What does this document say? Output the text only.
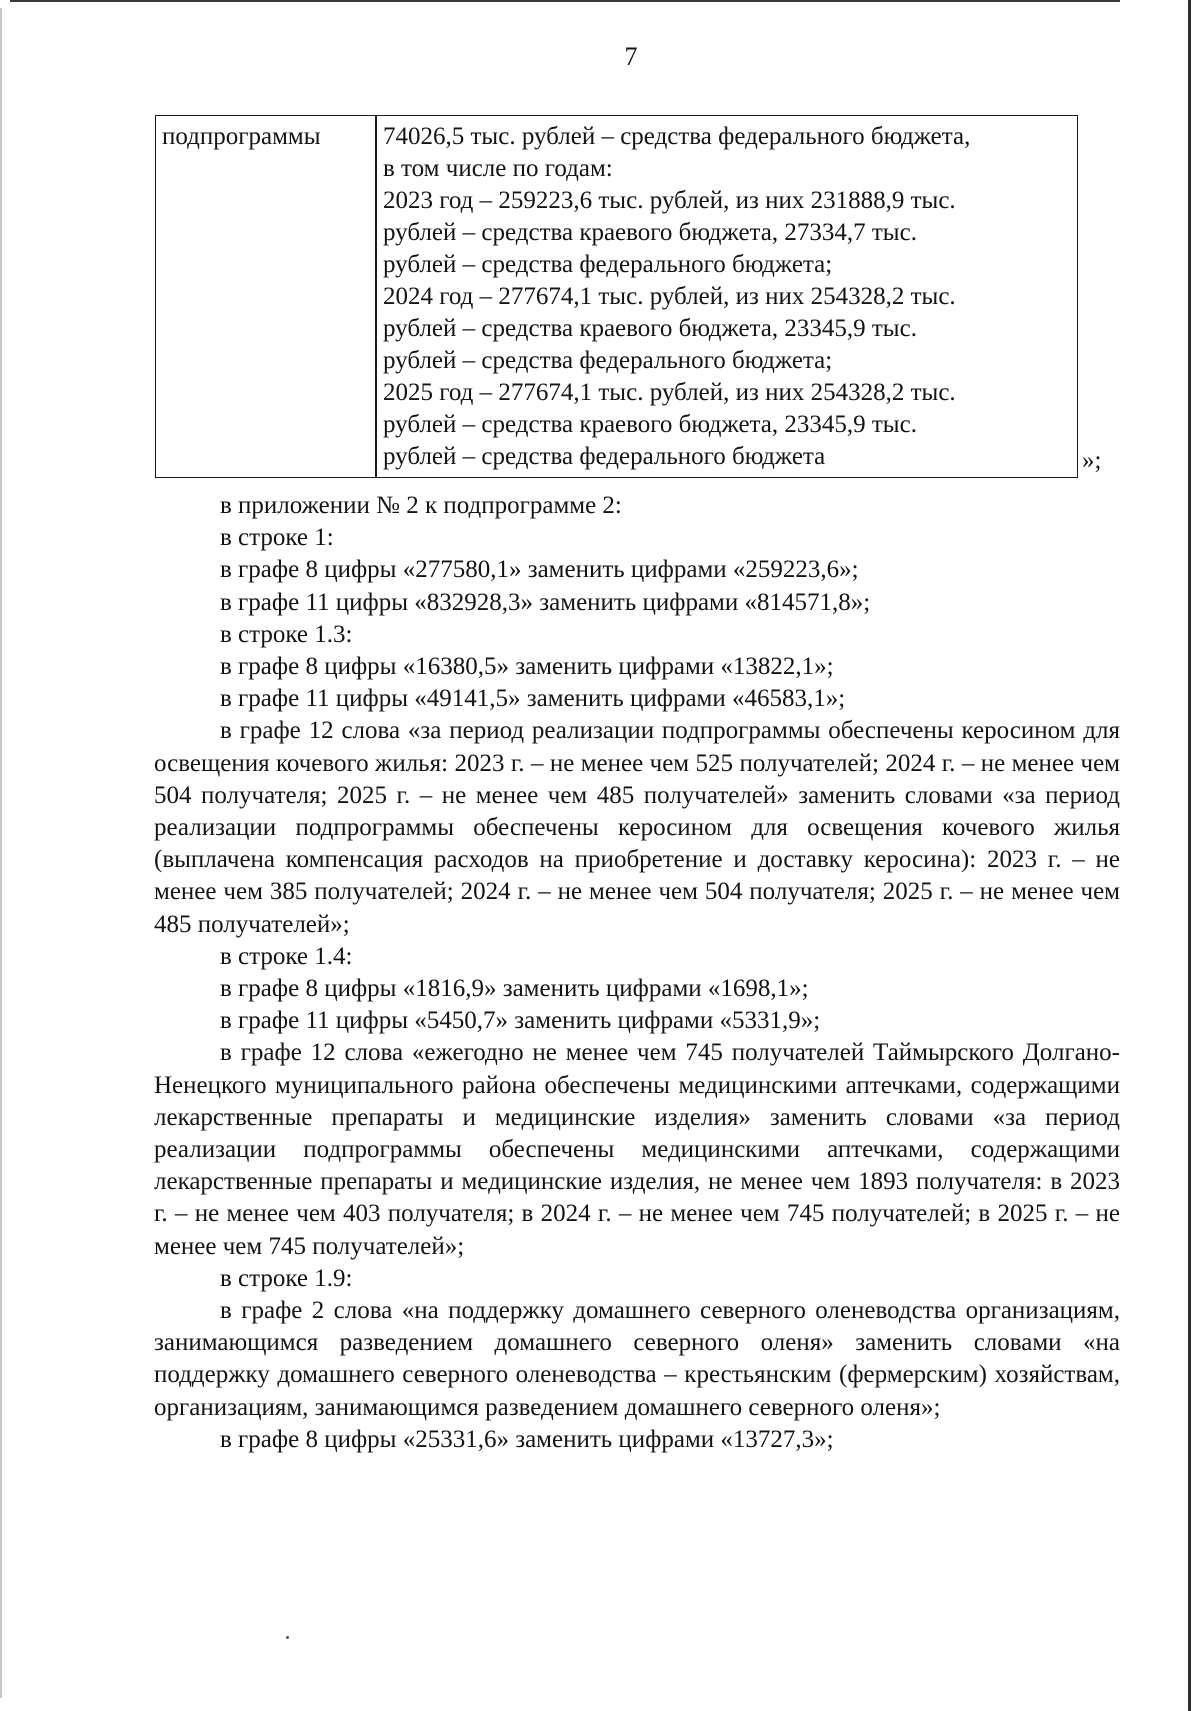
7
подпрограммы 74026,5 тыс. рублей – средства федерального бюджета,
в том числе по годам:
2023 год – 259223,6 тыс. рублей, из них 231888,9 тыс.
рублей – средства краевого бюджета, 27334,7 тыс.
рублей – средства федерального бюджета;
2024 год – 277674,1 тыс. рублей, из них 254328,2 тыс.
рублей – средства краевого бюджета, 23345,9 тыс.
рублей – средства федерального бюджета;
2025 год – 277674,1 тыс. рублей, из них 254328,2 тыс.
рублей – средства краевого бюджета, 23345,9 тыс.
рублей – средства федерального бюджета	»;

в приложении № 2 к подпрограмме 2:

в строке 1:

в графе 8 цифры «277580,1» заменить цифрами «259223,6»;

в графе 11 цифры «832928,3» заменить цифрами «814571,8»;

в строке 1.3:

в графе 8 цифры «16380,5» заменить цифрами «13822,1»;

в графе 11 цифры «49141,5» заменить цифрами «46583,1»;

в графе 12 слова «за период реализации подпрограммы обеспечены керосином для освещения кочевого жилья: 2023 г. – не менее чем 525 получателей; 2024 г. – не менее чем 504 получателя; 2025 г. – не менее чем 485 получателей» заменить словами «за период реализации подпрограммы обеспечены керосином для освещения кочевого жилья (выплачена компенсация расходов на приобретение и доставку керосина): 2023 г. – не менее чем 385 получателей; 2024 г. – не менее чем 504 получателя; 2025 г. – не менее чем 485 получателей»;

в строке 1.4:

в графе 8 цифры «1816,9» заменить цифрами «1698,1»;

в графе 11 цифры «5450,7» заменить цифрами «5331,9»;

в графе 12 слова «ежегодно не менее чем 745 получателей Таймырского Долгано-Ненецкого муниципального района обеспечены медицинскими аптечками, содержащими лекарственные препараты и медицинские изделия» заменить словами «за период реализации подпрограммы обеспечены медицинскими аптечками, содержащими лекарственные препараты и медицинские изделия, не менее чем 1893 получателя: в 2023 г. – не менее чем 403 получателя; в 2024 г. – не менее чем 745 получателей; в 2025 г. – не менее чем 745 получателей»;

в строке 1.9:

в графе 2 слова «на поддержку домашнего северного оленеводства организациям, занимающимся разведением домашнего северного оленя» заменить словами «на поддержку домашнего северного оленеводства – крестьянским (фермерским) хозяйствам, организациям, занимающимся разведением домашнего северного оленя»;

в графе 8 цифры «25331,6» заменить цифрами «13727,3»;
